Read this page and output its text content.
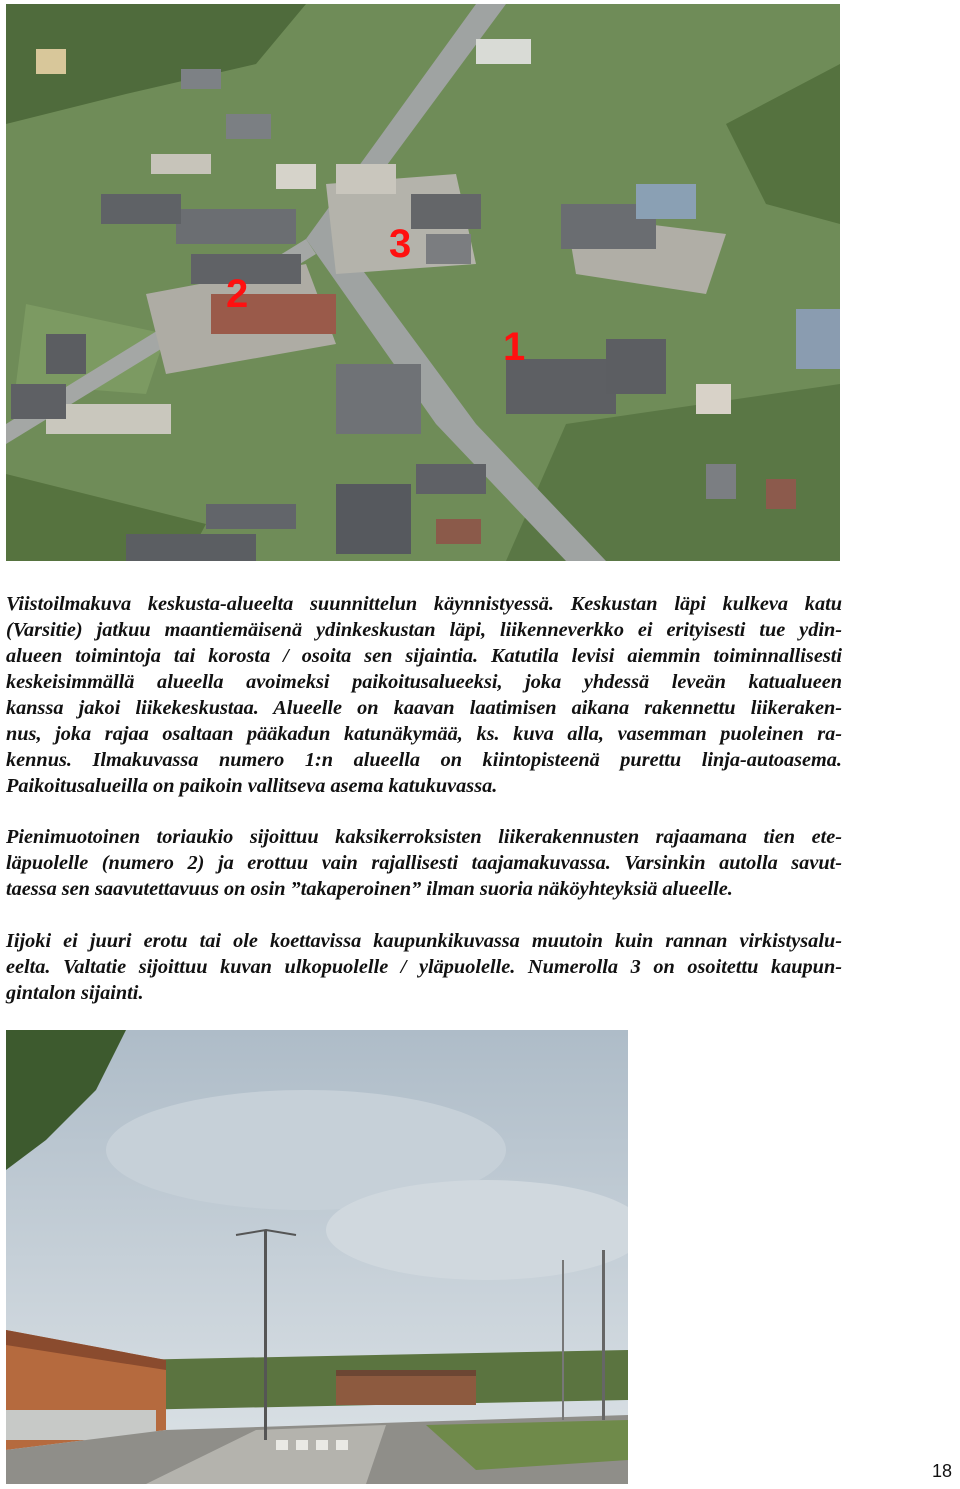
3
2
1
Viistoilmakuva keskusta-alueelta suunnittelun käynnistyessä. Keskustan läpi kulkeva katu
(Varsitie) jatkuu maantiemäisenä ydinkeskustan läpi, liikenneverkko ei erityisesti tue ydin-
alueen toimintoja tai korosta / osoita sen sijaintia. Katutila levisi aiemmin toiminnallisesti
keskeisimmällä alueella avoimeksi paikoitusalueeksi, joka yhdessä leveän katualueen
kanssa jakoi liikekeskustaa. Alueelle on kaavan laatimisen aikana rakennettu liikeraken-
nus, joka rajaa osaltaan pääkadun katunäkymää, ks. kuva alla, vasemman puoleinen ra-
kennus. Ilmakuvassa numero 1:n alueella on kiintopisteenä purettu linja-autoasema.
Paikoitusalueilla on paikoin vallitseva asema katukuvassa.
Pienimuotoinen toriaukio sijoittuu kaksikerroksisten liikerakennusten rajaamana tien ete-
läpuolelle (numero 2) ja erottuu vain rajallisesti taajamakuvassa. Varsinkin autolla savut-
taessa sen saavutettavuus on osin ”takaperoinen” ilman suoria näköyhteyksiä alueelle.
Iijoki ei juuri erotu tai ole koettavissa kaupunkikuvassa muutoin kuin rannan virkistysalu-
eelta. Valtatie sijoittuu kuvan ulkopuolelle / yläpuolelle. Numerolla 3 on osoitettu kaupun-
gintalon sijainti.
18
